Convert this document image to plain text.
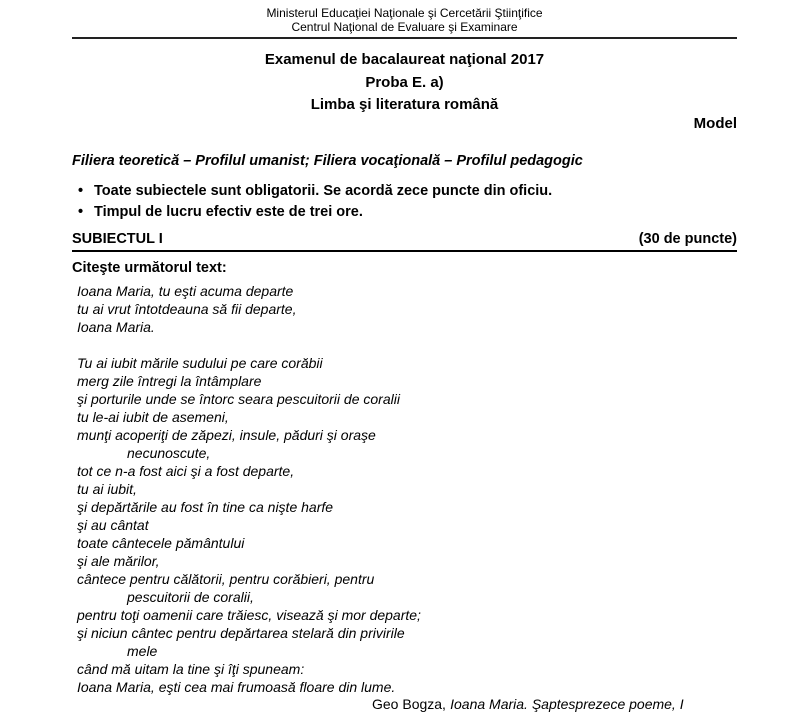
Ministerul Educaţiei Naţionale şi Cercetării Ştiinţifice
Centrul Naţional de Evaluare şi Examinare
Examenul de bacalaureat naţional 2017
Proba E. a)
Limba şi literatura română
Model
Filiera teoretică – Profilul umanist; Filiera vocaţională – Profilul pedagogic
• Toate subiectele sunt obligatorii. Se acordă zece puncte din oficiu.
• Timpul de lucru efectiv este de trei ore.
SUBIECTUL I	(30 de puncte)
Citeşte următorul text:
Ioana Maria, tu eşti acuma departe
tu ai vrut întotdeauna să fii departe,
Ioana Maria.
Tu ai iubit mările sudului pe care corăbii
merg zile întregi la întâmplare
şi porturile unde se întorc seara pescuitorii de coralii
tu le-ai iubit de asemeni,
munţi acoperiţi de zăpezi, insule, păduri şi oraşe
necunoscute,
tot ce n-a fost aici şi a fost departe,
tu ai iubit,
şi depărtările au fost în tine ca nişte harfe
şi au cântat
toate cântecele pământului
şi ale mărilor,
cântece pentru călătorii, pentru corăbieri, pentru
pescuitorii de coralii,
pentru toţi oamenii care trăiesc, visează şi mor departe;
şi niciun cântec pentru depărtarea stelară din privirile
mele
când mă uitam la tine şi îţi spuneam:
Ioana Maria, eşti cea mai frumoasă floare din lume.
Geo Bogza, Ioana Maria. Şaptesprezece poeme, I
